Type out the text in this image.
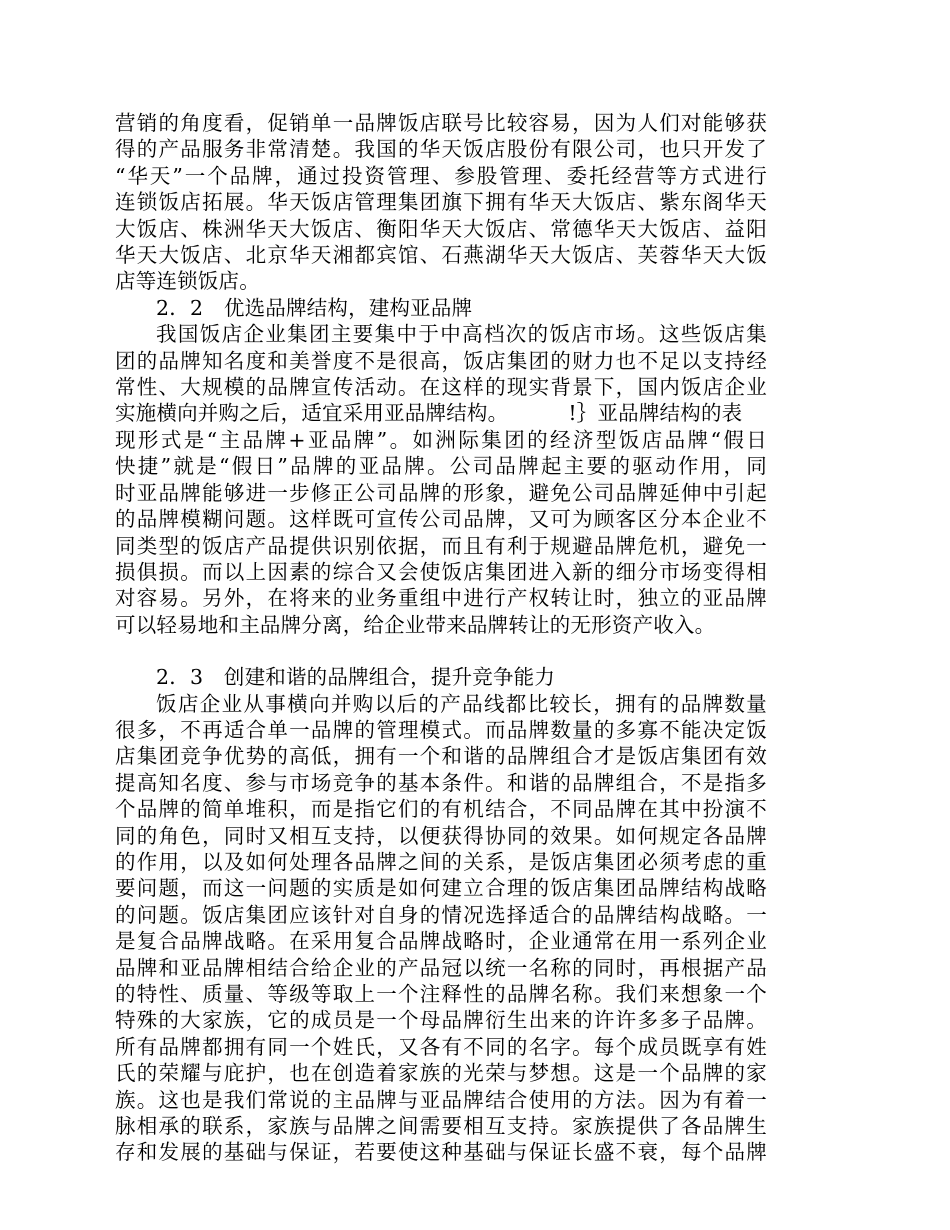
营销的角度看，促销单一品牌饭店联号比较容易，因为人们对能够获
得的产品服务非常清楚。我国的华天饭店股份有限公司，也只开发了
“华天”一个品牌，通过投资管理、参股管理、委托经营等方式进行
连锁饭店拓展。华天饭店管理集团旗下拥有华天大饭店、紫东阁华天
大饭店、株洲华天大饭店、衡阳华天大饭店、常德华天大饭店、益阳
华天大饭店、北京华天湘都宾馆、石燕湖华天大饭店、芙蓉华天大饭
店等连锁饭店。
2．2　优选品牌结构，建构亚品牌
我国饭店企业集团主要集中于中高档次的饭店市场。这些饭店集
团的品牌知名度和美誉度不是很高，饭店集团的财力也不足以支持经
常性、大规模的品牌宣传活动。在这样的现实背景下，国内饭店企业
实施横向并购之后，适宜采用亚品牌结构。	!｝亚品牌结构的表
现形式是“主品牌+亚品牌”。如洲际集团的经济型饭店品牌“假日
快捷”就是“假日”品牌的亚品牌。公司品牌起主要的驱动作用，同
时亚品牌能够进一步修正公司品牌的形象，避免公司品牌延伸中引起
的品牌模糊问题。这样既可宣传公司品牌，又可为顾客区分本企业不
同类型的饭店产品提供识别依据，而且有利于规避品牌危机，避免一
损俱损。而以上因素的综合又会使饭店集团进入新的细分市场变得相
对容易。另外，在将来的业务重组中进行产权转让时，独立的亚品牌
可以轻易地和主品牌分离，给企业带来品牌转让的无形资产收入。
2．3　创建和谐的品牌组合，提升竞争能力
饭店企业从事横向并购以后的产品线都比较长，拥有的品牌数量
很多，不再适合单一品牌的管理模式。而品牌数量的多寡不能决定饭
店集团竞争优势的高低，拥有一个和谐的品牌组合才是饭店集团有效
提高知名度、参与市场竞争的基本条件。和谐的品牌组合，不是指多
个品牌的简单堆积，而是指它们的有机结合，不同品牌在其中扮演不
同的角色，同时又相互支持，以便获得协同的效果。如何规定各品牌
的作用，以及如何处理各品牌之间的关系，是饭店集团必须考虑的重
要问题，而这一问题的实质是如何建立合理的饭店集团品牌结构战略
的问题。饭店集团应该针对自身的情况选择适合的品牌结构战略。一
是复合品牌战略。在采用复合品牌战略时，企业通常在用一系列企业
品牌和亚品牌相结合给企业的产品冠以统一名称的同时，再根据产品
的特性、质量、等级等取上一个注释性的品牌名称。我们来想象一个
特殊的大家族，它的成员是一个母品牌衍生出来的许许多多子品牌。
所有品牌都拥有同一个姓氏，又各有不同的名字。每个成员既享有姓
氏的荣耀与庇护，也在创造着家族的光荣与梦想。这是一个品牌的家
族。这也是我们常说的主品牌与亚品牌结合使用的方法。因为有着一
脉相承的联系，家族与品牌之间需要相互支持。家族提供了各品牌生
存和发展的基础与保证，若要使这种基础与保证长盛不衰，每个品牌
